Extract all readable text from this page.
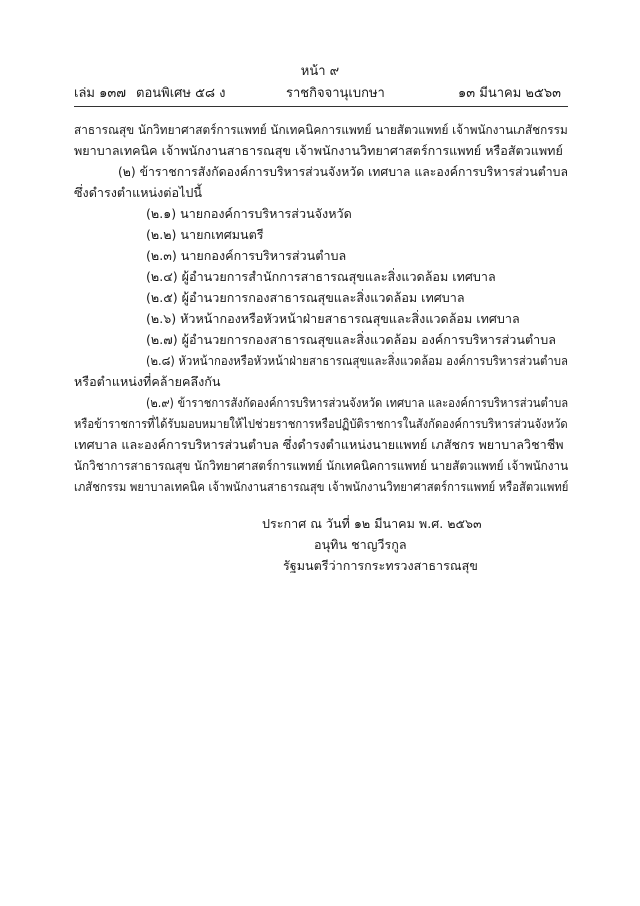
หน้า ๙
เล่ม ๑๓๗ ตอนพิเศษ ๕๘ ง	ราชกิจจานุเบกษา	๑๓ มีนาคม ๒๕๖๓
สาธารณสุข นักวิทยาศาสตร์การแพทย์ นักเทคนิคการแพทย์ นายสัตวแพทย์ เจ้าพนักงานเภสัชกรรม
พยาบาลเทคนิค เจ้าพนักงานสาธารณสุข เจ้าพนักงานวิทยาศาสตร์การแพทย์ หรือสัตวแพทย์
(๒) ข้าราชการสังกัดองค์การบริหารส่วนจังหวัด เทศบาล และองค์การบริหารส่วนตำบล
ซึ่งดำรงตำแหน่งต่อไปนี้
(๒.๑) นายกองค์การบริหารส่วนจังหวัด
(๒.๒) นายกเทศมนตรี
(๒.๓) นายกองค์การบริหารส่วนตำบล
(๒.๔) ผู้อำนวยการสำนักการสาธารณสุขและสิ่งแวดล้อม เทศบาล
(๒.๕) ผู้อำนวยการกองสาธารณสุขและสิ่งแวดล้อม เทศบาล
(๒.๖) หัวหน้ากองหรือหัวหน้าฝ่ายสาธารณสุขและสิ่งแวดล้อม เทศบาล
(๒.๗) ผู้อำนวยการกองสาธารณสุขและสิ่งแวดล้อม องค์การบริหารส่วนตำบล
(๒.๘) หัวหน้ากองหรือหัวหน้าฝ่ายสาธารณสุขและสิ่งแวดล้อม องค์การบริหารส่วนตำบล
หรือตำแหน่งที่คล้ายคลึงกัน
(๒.๙) ข้าราชการสังกัดองค์การบริหารส่วนจังหวัด เทศบาล และองค์การบริหารส่วนตำบล
หรือข้าราชการที่ได้รับมอบหมายให้ไปช่วยราชการหรือปฏิบัติราชการในสังกัดองค์การบริหารส่วนจังหวัด
เทศบาล และองค์การบริหารส่วนตำบล ซึ่งดำรงตำแหน่งนายแพทย์ เภสัชกร พยาบาลวิชาชีพ
นักวิชาการสาธารณสุข นักวิทยาศาสตร์การแพทย์ นักเทคนิคการแพทย์ นายสัตวแพทย์ เจ้าพนักงาน
เภสัชกรรม พยาบาลเทคนิค เจ้าพนักงานสาธารณสุข เจ้าพนักงานวิทยาศาสตร์การแพทย์ หรือสัตวแพทย์
ประกาศ ณ วันที่ ๑๒ มีนาคม พ.ศ. ๒๕๖๓
อนุทิน ชาญวีรกูล
รัฐมนตรีว่าการกระทรวงสาธารณสุข
